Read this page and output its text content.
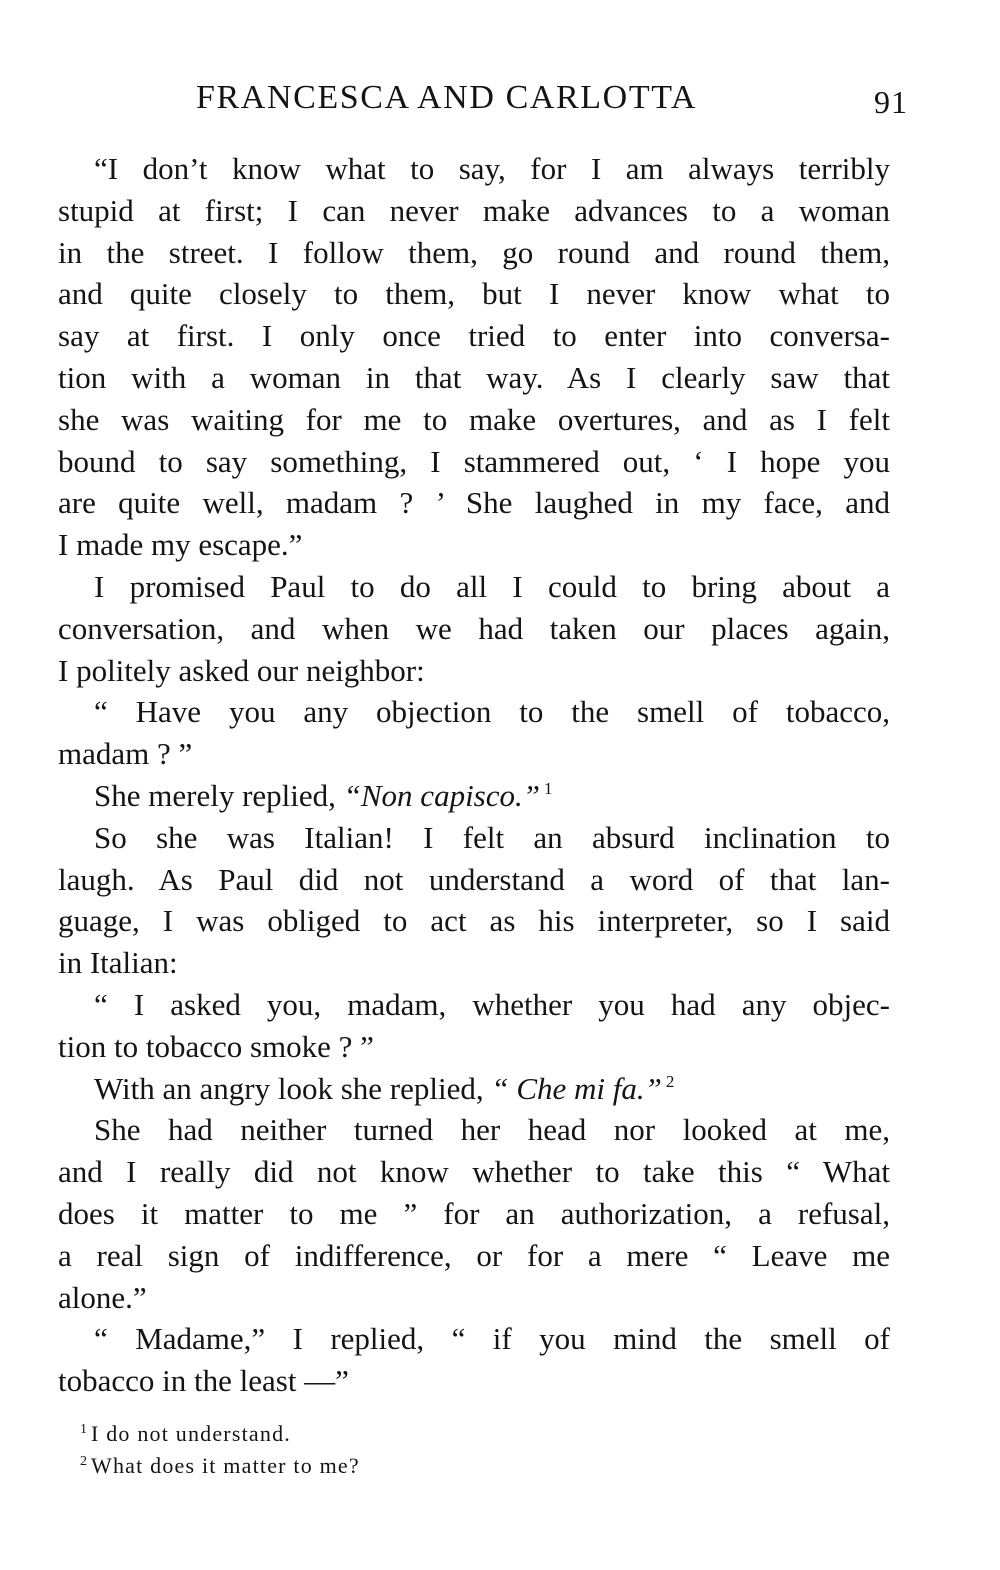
FRANCESCA AND CARLOTTA	91
“I don’t know what to say, for I am always terribly
stupid at first; I can never make advances to a woman
in the street. I follow them, go round and round them,
and quite closely to them, but I never know what to
say at first. I only once tried to enter into conversa-
tion with a woman in that way. As I clearly saw that
she was waiting for me to make overtures, and as I felt
bound to say something, I stammered out, ‘ I hope you
are quite well, madam ? ’ She laughed in my face, and
I made my escape.”
I promised Paul to do all I could to bring about a
conversation, and when we had taken our places again,
I politely asked our neighbor:
“ Have you any objection to the smell of tobacco,
madam ? ”
She merely replied, “Non capisco.” $^1$
So she was Italian! I felt an absurd inclination to
laugh. As Paul did not understand a word of that lan-
guage, I was obliged to act as his interpreter, so I said
in Italian:
“ I asked you, madam, whether you had any objec-
tion to tobacco smoke ? ”
With an angry look she replied, “ Che mi fa.” $^2$
She had neither turned her head nor looked at me,
and I really did not know whether to take this “ What
does it matter to me ” for an authorization, a refusal,
a real sign of indifference, or for a mere “ Leave me
alone.”
“ Madame,” I replied, “ if you mind the smell of
tobacco in the least —”
$^1$ I do not understand.
$^2$ What does it matter to me?
